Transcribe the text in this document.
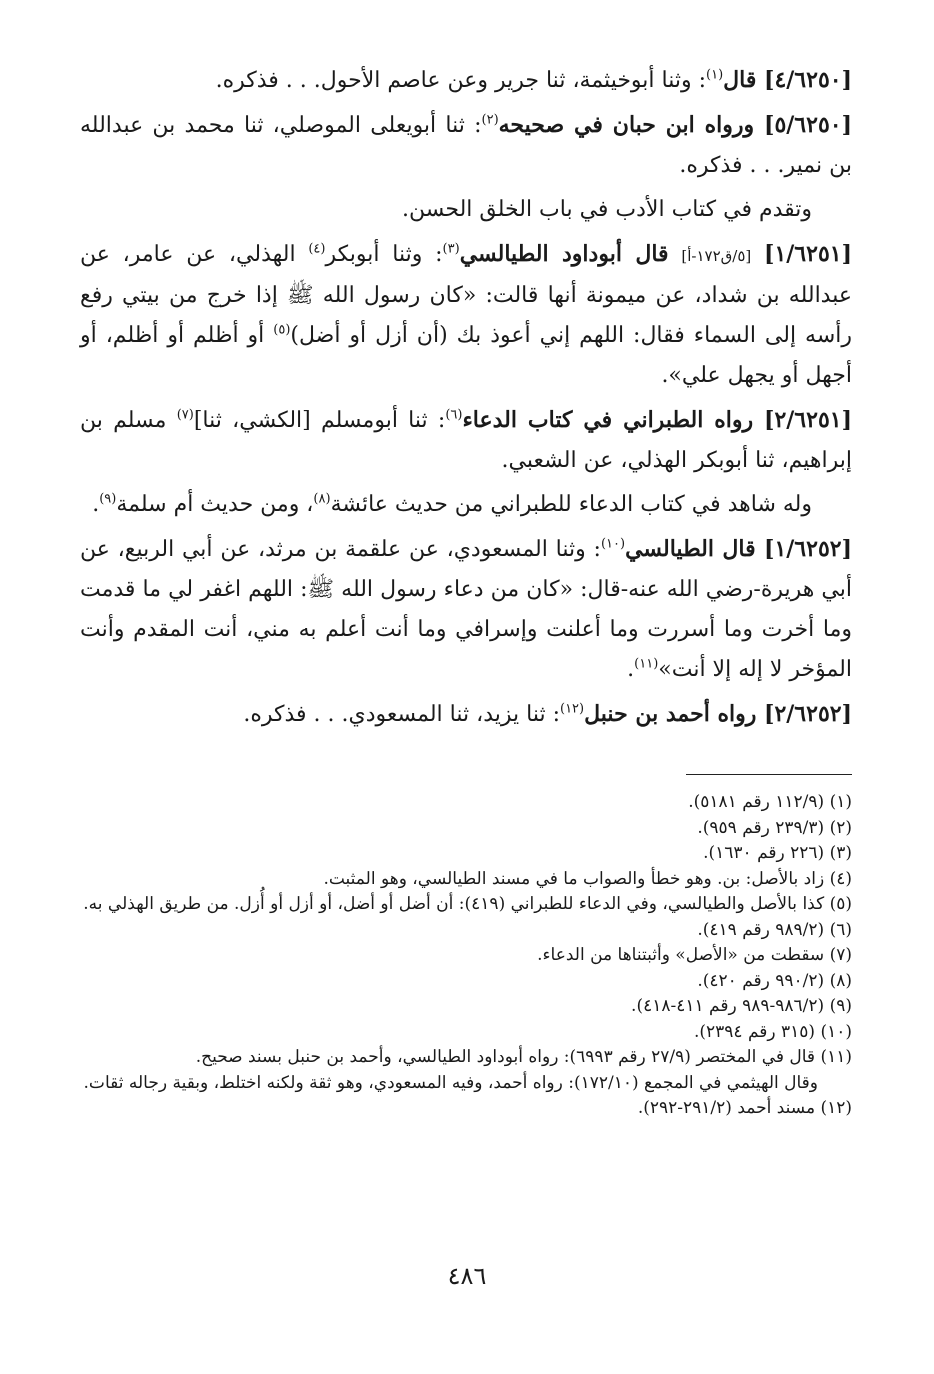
[٤/٦٢٥٠] قال$^{(١)}$: وثنا أبوخيثمة، ثنا جرير وعن عاصم الأحول. . . فذكره.

[٥/٦٢٥٠] ورواه ابن حبان في صحيحه$^{(٢)}$: ثنا أبويعلى الموصلي، ثنا محمد بن عبدالله بن نمير. . . فذكره.

وتقدم في كتاب الأدب في باب الخلق الحسن.

[١/٦٢٥١] [٥/ق١٧٢-أ] قال أبوداود الطيالسي$^{(٣)}$: وثنا أبوبكر$^{(٤)}$ الهذلي، عن عامر، عن عبدالله بن شداد، عن ميمونة أنها قالت: «كان رسول الله ﷺ إذا خرج من بيتي رفع رأسه إلى السماء فقال: اللهم إني أعوذ بك (أن أزل أو أضل)$^{(٥)}$ أو أظلم أو أظلم، أو أجهل أو يجهل علي».

[٢/٦٢٥١] رواه الطبراني في كتاب الدعاء$^{(٦)}$: ثنا أبومسلم [الكشي، ثنا]$^{(٧)}$ مسلم بن إبراهيم، ثنا أبوبكر الهذلي، عن الشعبي.

وله شاهد في كتاب الدعاء للطبراني من حديث عائشة$^{(٨)}$، ومن حديث أم سلمة$^{(٩)}$.

[١/٦٢٥٢] قال الطيالسي$^{(١٠)}$: وثنا المسعودي، عن علقمة بن مرثد، عن أبي الربيع، عن أبي هريرة-رضي الله عنه-قال: «كان من دعاء رسول الله ﷺ: اللهم اغفر لي ما قدمت وما أخرت وما أسررت وما أعلنت وإسرافي وما أنت أعلم به مني، أنت المقدم وأنت المؤخر لا إله إلا أنت»$^{(١١)}$.

[٢/٦٢٥٢] رواه أحمد بن حنبل$^{(١٢)}$: ثنا يزيد، ثنا المسعودي. . . فذكره.

(١) (١١٢/٩ رقم ٥١٨١).

(٢) (٢٣٩/٣ رقم ٩٥٩).

(٣) (٢٢٦ رقم ١٦٣٠).

(٤) زاد بالأصل: بن. وهو خطأ والصواب ما في مسند الطيالسي، وهو المثبت.

(٥) كذا بالأصل والطيالسي، وفي الدعاء للطبراني (٤١٩): أن أضل أو أضل، أو أزل أو أُزل. من طريق الهذلي به.

(٦) (٩٨٩/٢ رقم ٤١٩).

(٧) سقطت من «الأصل» وأثبتناها من الدعاء.

(٨) (٩٩٠/٢ رقم ٤٢٠).

(٩) (٩٨٦/٢-٩٨٩ رقم ٤١١-٤١٨).

(١٠) (٣١٥ رقم ٢٣٩٤).

(١١) قال في المختصر (٢٧/٩ رقم ٦٩٩٣): رواه أبوداود الطيالسي، وأحمد بن حنبل بسند صحيح.

وقال الهيثمي في المجمع (١٧٢/١٠): رواه أحمد، وفيه المسعودي، وهو ثقة ولكنه اختلط، وبقية رجاله ثقات.

(١٢) مسند أحمد (٢٩١/٢-٢٩٢).

٤٨٦
